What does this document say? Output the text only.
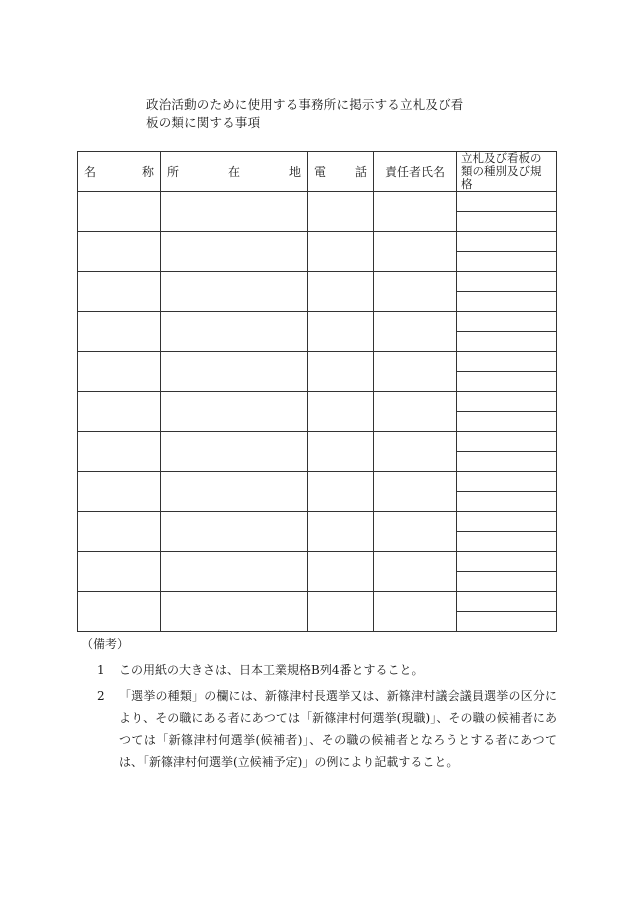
政治活動のために使用する事務所に掲示する立札及び看板の類に関する事項
名 称	所 在 地	電 話	責任者氏名	立札及び看板の類の種別及び規格

（備考）
1 この用紙の大きさは、日本工業規格B列4番とすること。
2 「選挙の種類」の欄には、新篠津村長選挙又は、新篠津村議会議員選挙の区分により、その職にある者にあつては「新篠津村何選挙(現職)」、その職の候補者にあつては「新篠津村何選挙(候補者)」、その職の候補者となろうとする者にあつては、「新篠津村何選挙(立候補予定)」の例により記載すること。
